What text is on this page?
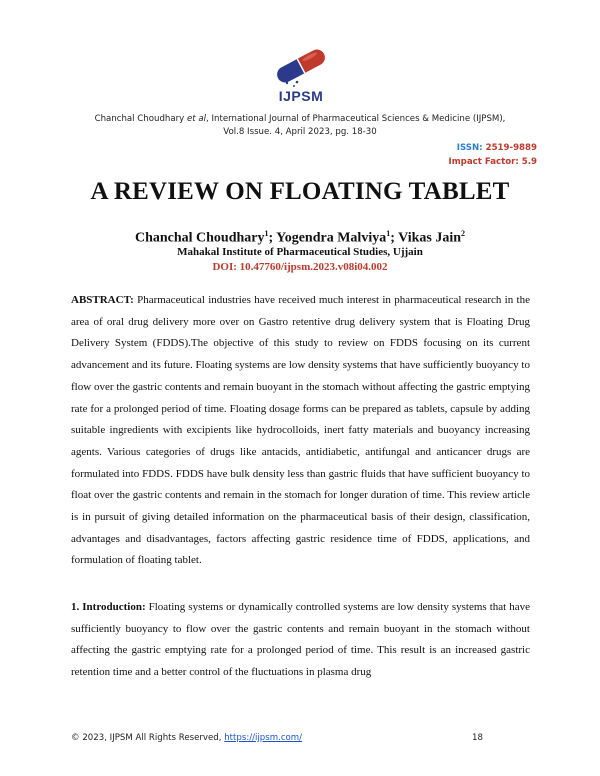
IJPSM
Chanchal Choudhary et al, International Journal of Pharmaceutical Sciences & Medicine (IJPSM),
Vol.8 Issue. 4, April 2023, pg. 18-30
ISSN: 2519-9889
Impact Factor: 5.9
A REVIEW ON FLOATING TABLET
Chanchal Choudhary$^1$; Yogendra Malviya$^1$; Vikas Jain$^2$
Mahakal Institute of Pharmaceutical Studies, Ujjain
DOI: 10.47760/ijpsm.2023.v08i04.002

ABSTRACT: Pharmaceutical industries have received much interest in pharmaceutical research in the area of oral drug delivery more over on Gastro retentive drug delivery system that is Floating Drug Delivery System (FDDS).The objective of this study to review on FDDS focusing on its current advancement and its future. Floating systems are low density systems that have sufficiently buoyancy to flow over the gastric contents and remain buoyant in the stomach without affecting the gastric emptying rate for a prolonged period of time. Floating dosage forms can be prepared as tablets, capsule by adding suitable ingredients with excipients like hydrocolloids, inert fatty materials and buoyancy increasing agents. Various categories of drugs like antacids, antidiabetic, antifungal and anticancer drugs are formulated into FDDS. FDDS have bulk density less than gastric fluids that have sufficient buoyancy to float over the gastric contents and remain in the stomach for longer duration of time. This review article is in pursuit of giving detailed information on the pharmaceutical basis of their design, classification, advantages and disadvantages, factors affecting gastric residence time of FDDS, applications, and formulation of floating tablet.

1. Introduction: Floating systems or dynamically controlled systems are low density systems that have sufficiently buoyancy to flow over the gastric contents and remain buoyant in the stomach without affecting the gastric emptying rate for a prolonged period of time. This result is an increased gastric retention time and a better control of the fluctuations in plasma drug

© 2023, IJPSM All Rights Reserved, https://ijpsm.com/	18
